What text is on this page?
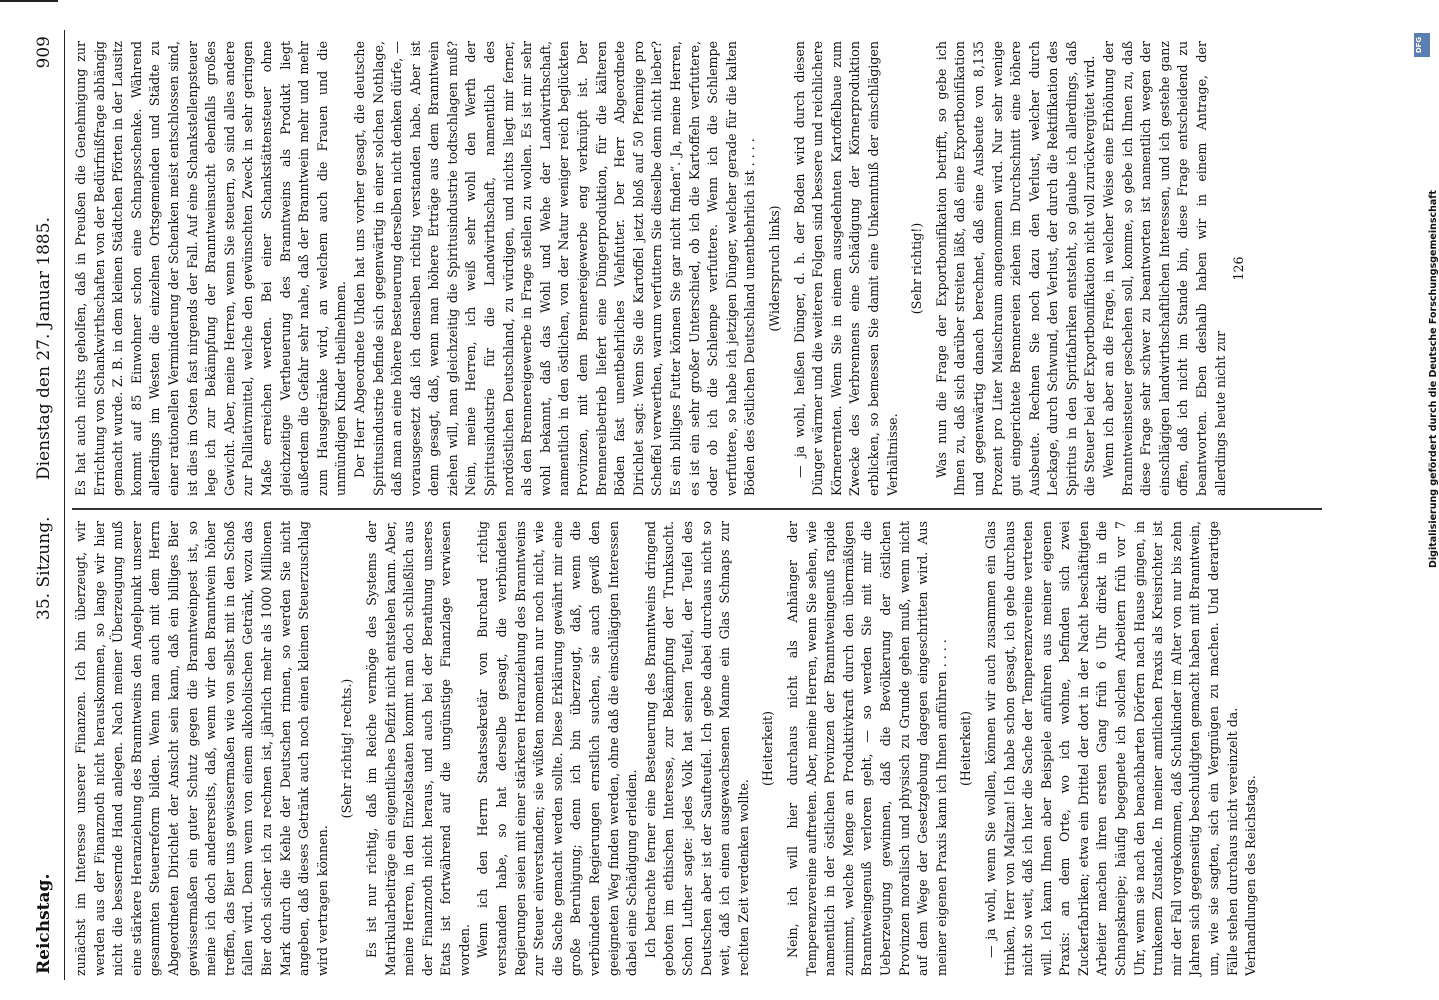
Reichstag.
35. Sitzung.
Dienstag den 27. Januar 1885.
909

zunächst im Interesse unserer Finanzen. Ich bin überzeugt, wir werden aus der Finanznoth nicht herauskommen, so lange wir hier nicht die bessernde Hand anlegen. Nach meiner Überzeugung muß eine stärkere Heranziehung des Branntweins den Angelpunkt unserer gesammten Steuerreform bilden. Wenn man auch mit dem Herrn Abgeordneten Dirichlet der Ansicht sein kann, daß ein billiges Bier gewissermaßen ein guter Schutz gegen die Branntweinpest ist, so meine ich doch andererseits, daß, wenn wir den Branntwein höher treffen, das Bier uns gewissermaßen wie von selbst mit in den Schoß fallen wird. Denn wenn von einem alkoholischen Getränk, wozu das Bier doch sicher ich zu rechnen ist, jährlich mehr als 1000 Millionen Mark durch die Kehle der Deutschen rinnen, so werden Sie nicht angeben, daß dieses Getränk auch noch einen kleinen Steuerzuschlag wird vertragen können.

(Sehr richtig! rechts.) Es ist nur richtig, daß im Reiche vermöge des Systems der Matrikularbeiträge ein eigentliches Defizit nicht entstehen kann. Aber, meine Herren, in den Einzelstaaten kommt man doch schließlich aus der Finanznoth nicht heraus, und auch bei der Berathung unseres Etats ist fortwährend auf die ungünstige Finanzlage verwiesen worden. Wenn ich den Herrn Staatssekretär von Burchard richtig verstanden habe, so hat derselbe gesagt, die verbündeten Regierungen seien mit einer stärkeren Heranziehung des Branntweins zur Steuer einverstanden; sie wüßten momentan nur noch nicht, wie die Sache gemacht werden sollte. Diese Erklärung gewährt mir eine große Beruhigung; denn ich bin überzeugt, daß, wenn die verbündeten Regierungen ernstlich suchen, sie auch gewiß den geeigneten Weg finden werden, ohne daß die einschlägigen Interessen dabei eine Schädigung erleiden. Ich betrachte ferner eine Besteuerung des Branntweins dringend geboten im ethischen Interesse, zur Bekämpfung der Trunksucht. Schon Luther sagte: jedes Volk hat seinen Teufel, der Teufel des Deutschen aber ist der Saufteufel. Ich gebe dabei durchaus nicht so weit, daß ich einen ausgewachsenen Manne ein Glas Schnaps zur rechten Zeit verdenken wollte.

(Heiterkeit) Nein, ich will hier durchaus nicht als Anhänger der Temperenzvereine auftreten. Aber, meine Herren, wenn Sie sehen, wie namentlich in der östlichen Provinzen der Branntweingenuß rapide zunimmt, welche Menge an Produktivkraft durch den übermäßigen Branntweingenuß verloren geht, — so werden Sie mit mir die Ueberzeugung gewinnen, daß die Bevölkerung der östlichen Provinzen moralisch und physisch zu Grunde gehen muß, wenn nicht auf dem Wege der Gesetzgebung dagegen eingeschritten wird. Aus meiner eigenen Praxis kann ich Ihnen anführen . . . . (Heiterkeit) — ja wohl, wenn Sie wollen, können wir auch zusammen ein Glas trinken, Herr von Maltzan! Ich habe schon gesagt, ich gehe durchaus nicht so weit, daß ich hier die Sache der Temperenzvereine vertreten will. Ich kann Ihnen aber Beispiele anführen aus meiner eigenen Praxis: an dem Orte, wo ich wohne, befinden sich zwei Zuckerfabriken; etwa ein Drittel der dort in der Nacht beschäftigten Arbeiter machen ihren ersten Gang früh 6 Uhr direkt in die Schnapskneipe; häufig begegnete ich solchen Arbeitern früh vor 7 Uhr, wenn sie nach den benachbarten Dörfern nach Hause gingen, in trunkenem Zustande. In meiner amtlichen Praxis als Kreisrichter ist mir der Fall vorgekommen, daß Schulkinder im Alter von nur bis zehn Jahren sich gegenseitig beschuldigten gemacht haben mit Branntwein, um, wie sie sagten, sich ein Vergnügen zu machen. Und derartige Fälle stehen durchaus nicht vereinzelt da. Verhandlungen des Reichstags.

Es hat auch nichts geholfen, daß in Preußen die Genehmigung zur Errichtung von Schankwirthschaften von der Bedürfnißfrage abhängig gemacht wurde. Z. B. in dem kleinen Städtchen Pförten in der Lausitz kommt auf 85 Einwohner schon eine Schnapsschenke. Während allerdings im Westen die einzelnen Ortsgemeinden und Städte zu einer rationellen Verminderung der Schenken meist entschlossen sind, ist dies im Osten fast nirgends der Fall. Auf eine Schankstellenpsteuer lege ich zur Bekämpfung der Branntweinsucht ebenfalls großes Gewicht. Aber, meine Herren, wenn Sie steuern, so sind alles andere zur Palliativmittel, welche den gewünschten Zweck in sehr geringen Maße erreichen werden. Bei einer Schankstättensteuer ohne gleichzeitige Vertheuerung des Branntweins als Produkt liegt außerdem die Gefahr sehr nahe, daß der Branntwein mehr und mehr zum Hausgetränke wird, an welchem auch die Frauen und die unmündigen Kinder theilnehmen. Der Herr Abgeordnete Uhden hat uns vorher gesagt, die deutsche Spiritusindustrie befinde sich gegenwärtig in einer solchen Nothlage, daß man an eine höhere Besteuerung derselben nicht denken dürfe, — vorausgesetzt daß ich denselben richtig verstanden habe. Aber ist denn gesagt, daß, wenn man höhere Erträge aus dem Branntwein ziehen will, man gleichzeitig die Spiritusindustrie todtschlagen muß? Nein, meine Herren, ich weiß sehr wohl den Werth der Spiritusindustrie für die Landwirthschaft, namentlich des nordöstlichen Deutschland, zu würdigen, und nichts liegt mir ferner, als den Brennereigewerbe in Frage stellen zu wollen. Es ist mir sehr wohl bekannt, daß das Wohl und Wehe der Landwirthschaft, namentlich in den östlichen, von der Natur weniger reich beglückten Provinzen, mit dem Brennereigewerbe eng verknüpft ist. Der Brennereibetrieb liefert eine Düngerproduktion, für die kälteren Böden fast unentbehrliches Viehfutter. Der Herr Abgeordnete Dirichlet sagt: Wenn Sie die Kartoffel jetzt bloß auf 50 Pfennige pro Scheffel verwerthen, warum verfuttern Sie dieselbe denn nicht lieber? Es ein billiges Futter können Sie gar nicht finden“. Ja, meine Herren, es ist ein sehr großer Unterschied, ob ich die Kartoffeln verfuttere, oder ob ich die Schlempe verfuttere. Wenn ich die Schlempe verfuttere, so habe ich jetzigen Dünger, welcher gerade für die kalten Böden des östlichen Deutschland unentbehrlich ist . . . . (Widerspruch links) — ja wohl, heißen Dünger, d. h. der Boden wird durch diesen Dünger wärmer und die weiteren Folgen sind bessere und reichlichere Körnerernten. Wenn Sie in einem ausgedehnten Kartoffelbaue zum Zwecke des Verbrennens eine Schädigung der Körnerproduktion erblicken, so bemessen Sie damit eine Unkenntniß der einschlägigen Verhältnisse.

(Sehr richtig!) Was nun die Frage der Exportbonifikation betrifft, so gebe ich Ihnen zu, daß sich darüber streiten läßt, daß eine Exportbonifikation und gegenwärtig danach berechnet, daß eine Ausbeute von 8,135 Prozent pro Liter Maischraum angenommen wird. Nur sehr wenige gut eingerichtete Brennereien ziehen im Durchschnitt eine höhere Ausbeute. Rechnen Sie noch dazu den Verlust, welcher durch Leckage, durch Schwund, den Verlust, der durch die Rektifikation des Spiritus in den Spritfabriken entsteht, so glaube ich allerdings, daß die Steuer bei der Exportbonifikation nicht voll zurückvergütet wird. Wenn ich aber an die Frage, in welcher Weise eine Erhöhung der Branntweinsteuer geschehen soll, komme, so gebe ich Ihnen zu, daß diese Frage sehr schwer zu beantworten ist namentlich wegen der einschlägigen landwirthschaftlichen Interessen, und ich gestehe ganz offen, daß ich nicht im Stande bin, diese Frage entscheidend zu beantworten. Eben deshalb haben wir in einem Antrage, der allerdings heute nicht zur

126	Digitalisierung gefördert durch die Deutsche Forschungsgemeinschaft
DFG
